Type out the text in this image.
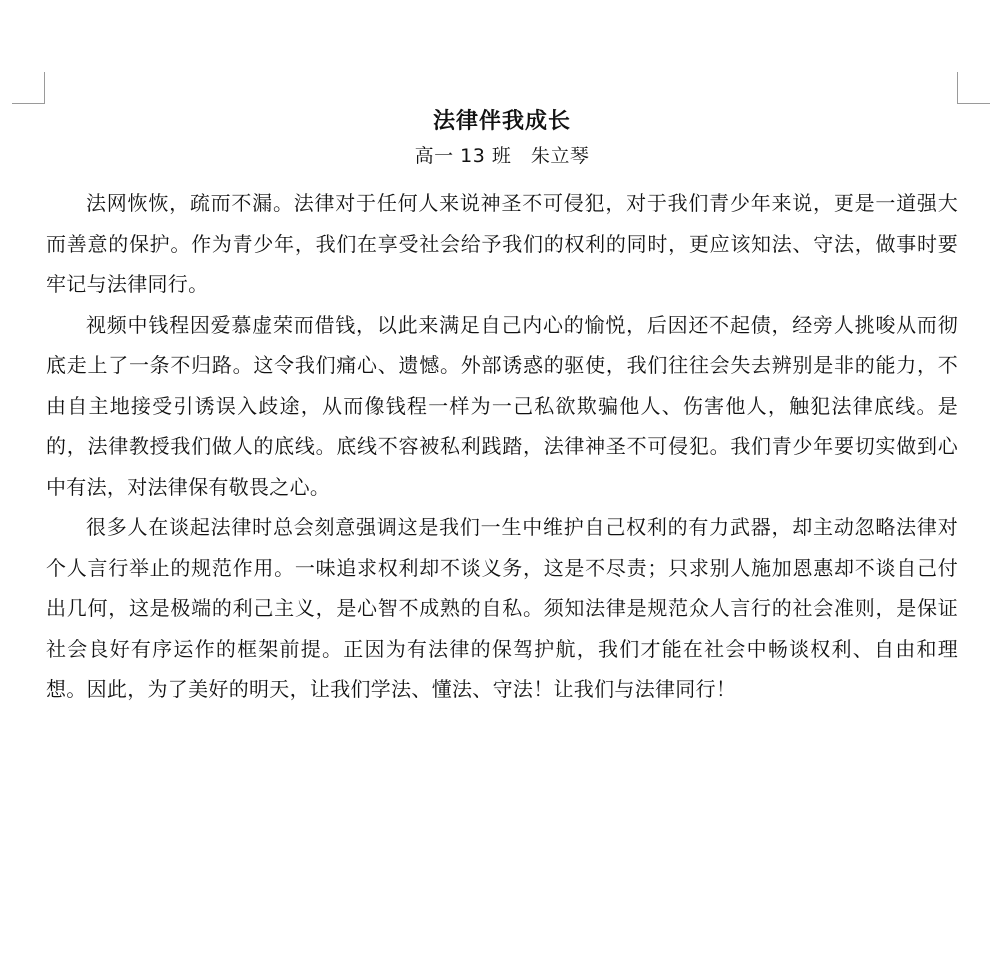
法律伴我成长

高一 13 班　朱立琴

法网恢恢，疏而不漏。法律对于任何人来说神圣不可侵犯，对于我们青少年来说，更是一道强大而善意的保护。作为青少年，我们在享受社会给予我们的权利的同时，更应该知法、守法，做事时要牢记与法律同行。

视频中钱程因爱慕虚荣而借钱，以此来满足自己内心的愉悦，后因还不起债，经旁人挑唆从而彻底走上了一条不归路。这令我们痛心、遗憾。外部诱惑的驱使，我们往往会失去辨别是非的能力，不由自主地接受引诱误入歧途，从而像钱程一样为一己私欲欺骗他人、伤害他人，触犯法律底线。是的，法律教授我们做人的底线。底线不容被私利践踏，法律神圣不可侵犯。我们青少年要切实做到心中有法，对法律保有敬畏之心。

很多人在谈起法律时总会刻意强调这是我们一生中维护自己权利的有力武器，却主动忽略法律对个人言行举止的规范作用。一味追求权利却不谈义务，这是不尽责；只求别人施加恩惠却不谈自己付出几何，这是极端的利己主义，是心智不成熟的自私。须知法律是规范众人言行的社会准则，是保证社会良好有序运作的框架前提。正因为有法律的保驾护航，我们才能在社会中畅谈权利、自由和理想。因此，为了美好的明天，让我们学法、懂法、守法！让我们与法律同行！
